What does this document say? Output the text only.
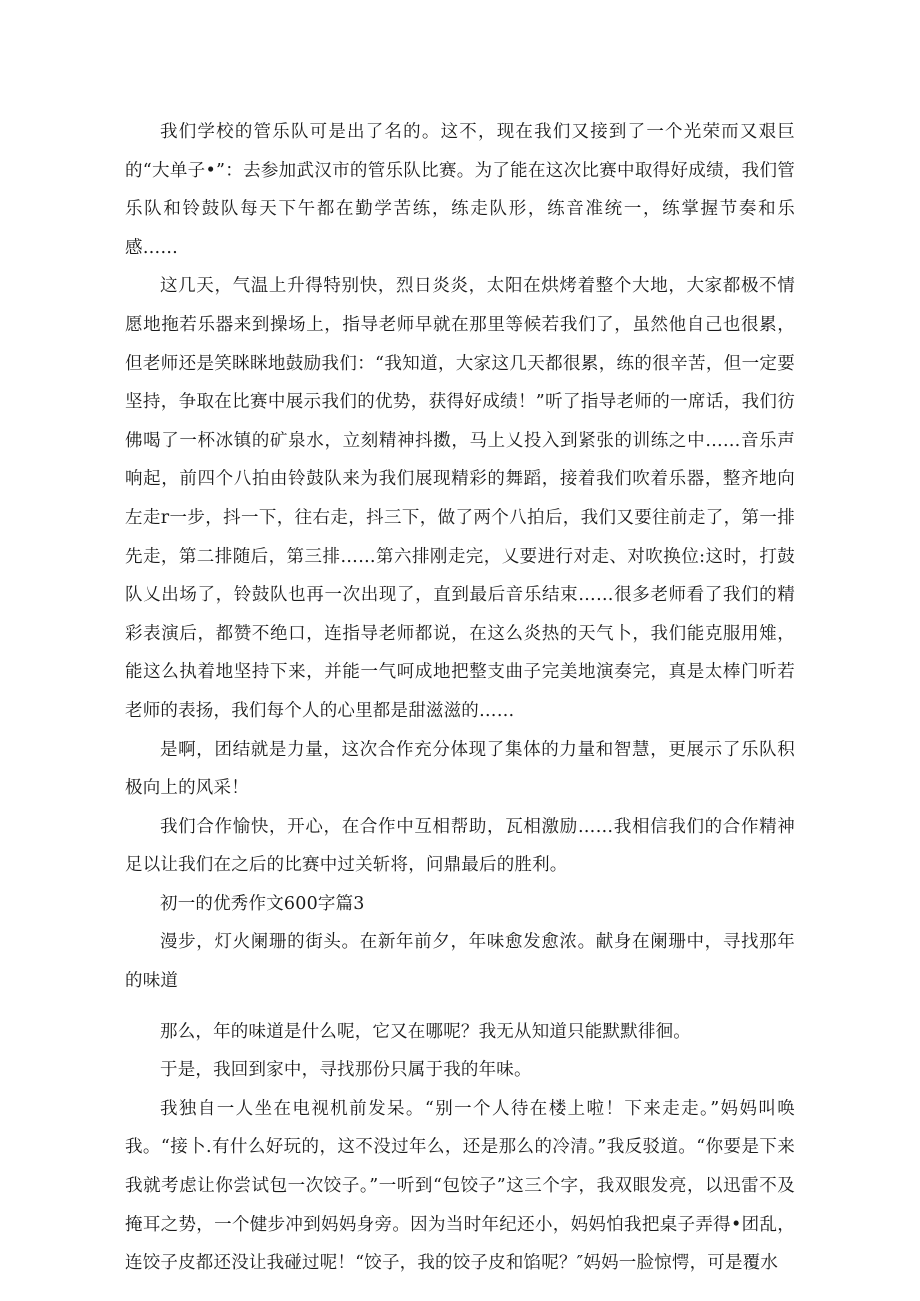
我们学校的管乐队可是出了名的。这不，现在我们又接到了一个光荣而又艰巨的“大单子•”：去参加武汉市的管乐队比赛。为了能在这次比赛中取得好成绩，我们管乐队和铃鼓队每天下午都在勤学苦练，练走队形，练音准统一，练掌握节奏和乐感……

这几天，气温上升得特别快，烈日炎炎，太阳在烘烤着整个大地，大家都极不情愿地拖若乐器来到操场上，指导老师早就在那里等候若我们了，虽然他自己也很累，但老师还是笑眯眯地鼓励我们：“我知道，大家这几天都很累，练的很辛苦，但一定要坚持，争取在比赛中展示我们的优势，获得好成绩！”听了指导老师的一席话，我们彷佛喝了一杯冰镇的矿泉水，立刻精神抖擞，马上乂投入到紧张的训练之中……音乐声响起，前四个八拍由铃鼓队来为我们展现精彩的舞蹈，接着我们吹着乐器，整齐地向左走r一步，抖一下，往右走，抖三下，做了两个八拍后，我们又要往前走了，第一排先走，第二排随后，第三排……第六排刚走完，乂要进行对走、对吹换位:这时，打鼓队乂出场了，铃鼓队也再一次出现了，直到最后音乐结束……很多老师看了我们的精彩表演后，都赞不绝口，连指导老师都说，在这么炎热的天气卜，我们能克服用雉，能这么执着地坚持下来，并能一气呵成地把整支曲子完美地演奏完，真是太棒门听若老师的表扬，我们每个人的心里都是甜滋滋的……

是啊，团结就是力量，这次合作充分体现了集体的力量和智慧，更展示了乐队积极向上的风采！

我们合作愉快，开心，在合作中互相帮助，瓦相激励……我相信我们的合作精神足以让我们在之后的比赛中过关斩将，问鼎最后的胜利。

初一的优秀作文600字篇3

漫步，灯火阑珊的街头。在新年前夕，年味愈发愈浓。献身在阑珊中，寻找那年的味道

那么，年的味道是什么呢，它又在哪呢？我无从知道只能默默徘徊。

于是，我回到家中，寻找那份只属于我的年味。

我独自一人坐在电视机前发呆。“别一个人待在楼上啦！下来走走。”妈妈叫唤我。“接卜.有什么好玩的，这不没过年么，还是那么的冷清。”我反驳道。“你要是下来我就考虑让你尝试包一次饺子。”一听到“包饺子”这三个字，我双眼发亮，以迅雷不及掩耳之势，一个健步冲到妈妈身旁。因为当时年纪还小，妈妈怕我把桌子弄得•团乱，连饺子皮都还没让我碰过呢！“饺子，我的饺子皮和馅呢？″妈妈一脸惊愕，可是覆水
